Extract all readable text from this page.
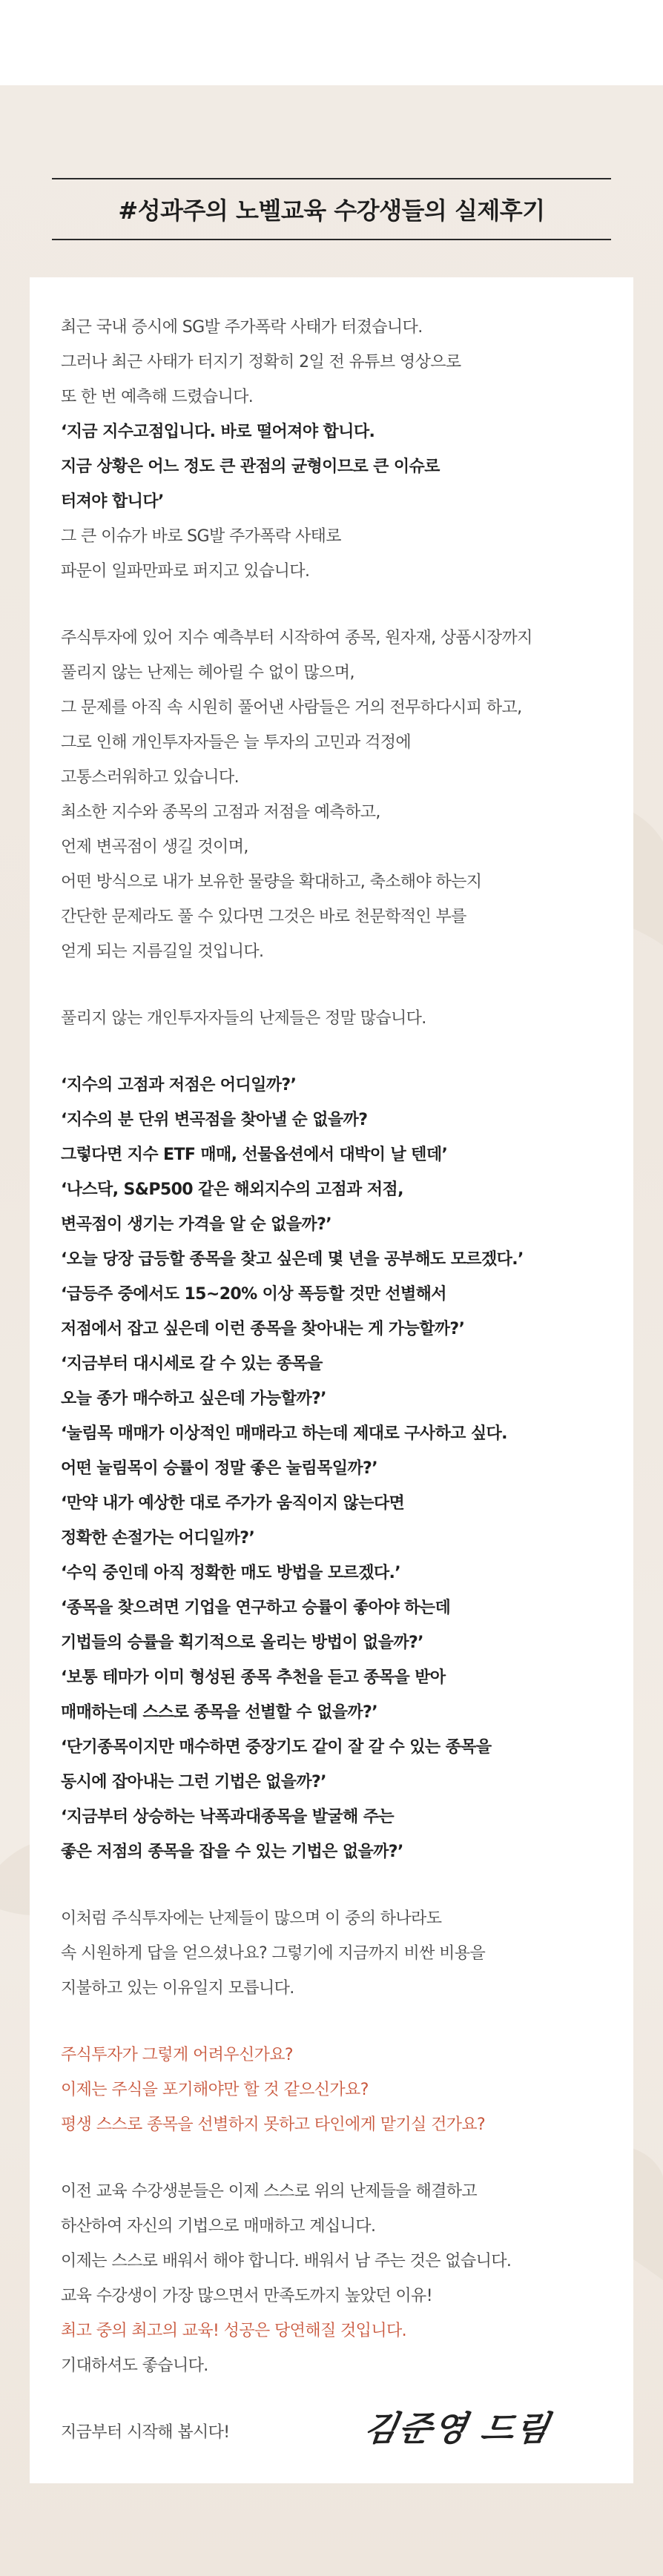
#성과주의 노벨교육 수강생들의 실제후기
최근 국내 증시에 SG발 주가폭락 사태가 터졌습니다.
그러나 최근 사태가 터지기 정확히 2일 전 유튜브 영상으로
또 한 번 예측해 드렸습니다.
‘지금 지수고점입니다. 바로 떨어져야 합니다.
지금 상황은 어느 정도 큰 관점의 균형이므로 큰 이슈로
터져야 합니다’
그 큰 이슈가 바로 SG발 주가폭락 사태로
파문이 일파만파로 퍼지고 있습니다.
주식투자에 있어 지수 예측부터 시작하여 종목, 원자재, 상품시장까지
풀리지 않는 난제는 헤아릴 수 없이 많으며,
그 문제를 아직 속 시원히 풀어낸 사람들은 거의 전무하다시피 하고,
그로 인해 개인투자자들은 늘 투자의 고민과 걱정에
고통스러워하고 있습니다.
최소한 지수와 종목의 고점과 저점을 예측하고,
언제 변곡점이 생길 것이며,
어떤 방식으로 내가 보유한 물량을 확대하고, 축소해야 하는지
간단한 문제라도 풀 수 있다면 그것은 바로 천문학적인 부를
얻게 되는 지름길일 것입니다.
풀리지 않는 개인투자자들의 난제들은 정말 많습니다.
‘지수의 고점과 저점은 어디일까?’
‘지수의 분 단위 변곡점을 찾아낼 순 없을까?
그렇다면 지수 ETF 매매, 선물옵션에서 대박이 날 텐데’
‘나스닥, S&P500 같은 해외지수의 고점과 저점,
변곡점이 생기는 가격을 알 순 없을까?’
‘오늘 당장 급등할 종목을 찾고 싶은데 몇 년을 공부해도 모르겠다.’
‘급등주 중에서도 15~20% 이상 폭등할 것만 선별해서
저점에서 잡고 싶은데 이런 종목을 찾아내는 게 가능할까?’
‘지금부터 대시세로 갈 수 있는 종목을
오늘 종가 매수하고 싶은데 가능할까?’
‘눌림목 매매가 이상적인 매매라고 하는데 제대로 구사하고 싶다.
어떤 눌림목이 승률이 정말 좋은 눌림목일까?’
‘만약 내가 예상한 대로 주가가 움직이지 않는다면
정확한 손절가는 어디일까?’
‘수익 중인데 아직 정확한 매도 방법을 모르겠다.’
‘종목을 찾으려면 기업을 연구하고 승률이 좋아야 하는데
기법들의 승률을 획기적으로 올리는 방법이 없을까?’
‘보통 테마가 이미 형성된 종목 추천을 듣고 종목을 받아
매매하는데 스스로 종목을 선별할 수 없을까?’
‘단기종목이지만 매수하면 중장기도 같이 잘 갈 수 있는 종목을
동시에 잡아내는 그런 기법은 없을까?’
‘지금부터 상승하는 낙폭과대종목을 발굴해 주는
좋은 저점의 종목을 잡을 수 있는 기법은 없을까?’
이처럼 주식투자에는 난제들이 많으며 이 중의 하나라도
속 시원하게 답을 얻으셨나요? 그렇기에 지금까지 비싼 비용을
지불하고 있는 이유일지 모릅니다.
주식투자가 그렇게 어려우신가요?
이제는 주식을 포기해야만 할 것 같으신가요?
평생 스스로 종목을 선별하지 못하고 타인에게 맡기실 건가요?
이전 교육 수강생분들은 이제 스스로 위의 난제들을 해결하고
하산하여 자신의 기법으로 매매하고 계십니다.
이제는 스스로 배워서 해야 합니다. 배워서 남 주는 것은 없습니다.
교육 수강생이 가장 많으면서 만족도까지 높았던 이유!
최고 중의 최고의 교육! 성공은 당연해질 것입니다.
기대하셔도 좋습니다.
지금부터 시작해 봅시다!	김준영 드림
